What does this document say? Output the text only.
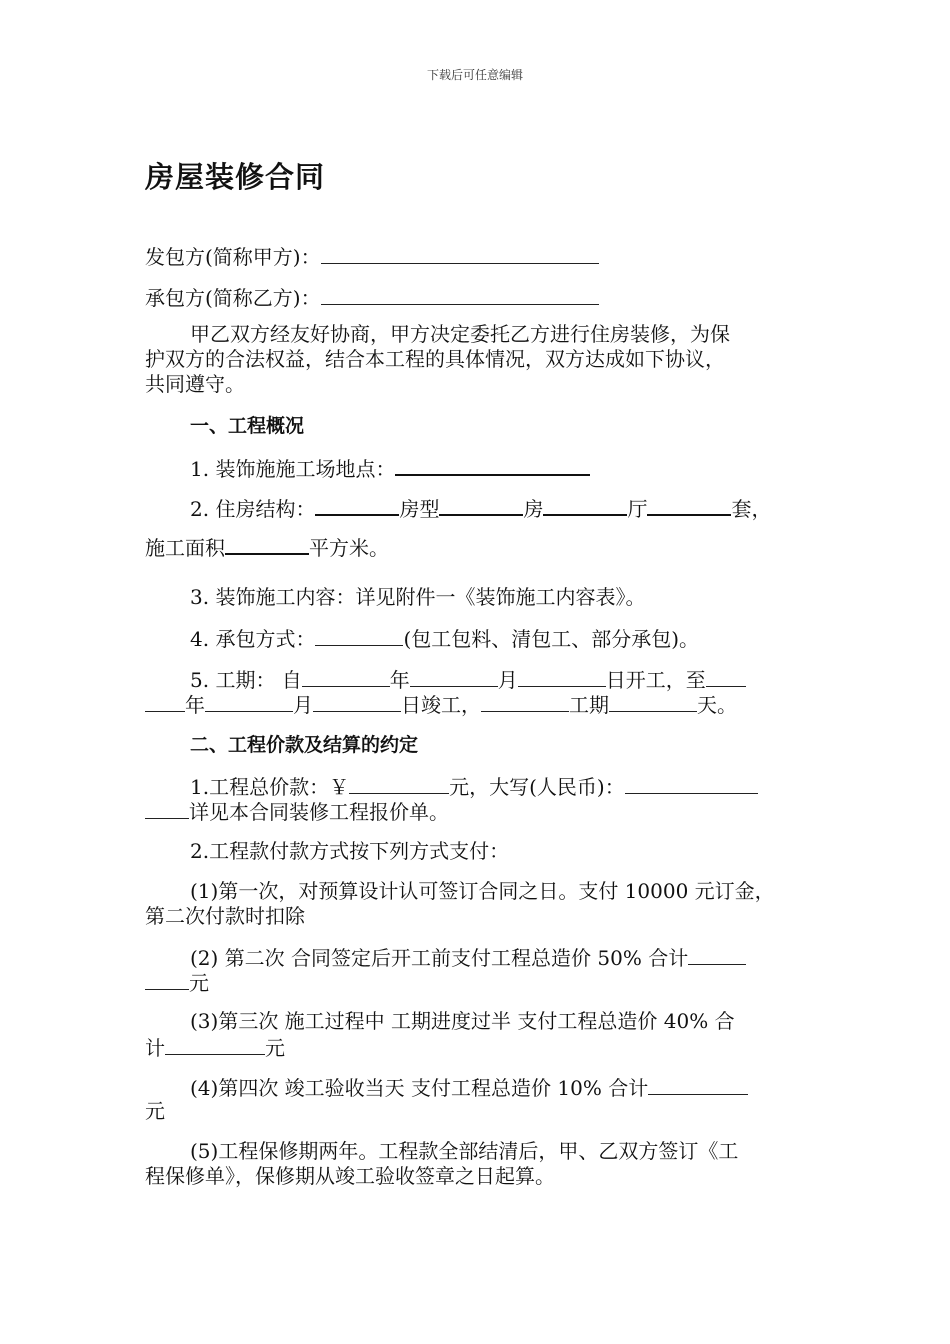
下载后可任意编辑
房屋装修合同
发包方(简称甲方)：
承包方(简称乙方)：
甲乙双方经友好协商，甲方决定委托乙方进行住房装修，为保
护双方的合法权益，结合本工程的具体情况，双方达成如下协议，
共同遵守。
一、工程概况
1. 装饰施施工场地点：
2. 住房结构：	房型	房	厅	套，
施工面积	平方米。
3. 装饰施工内容：详见附件一《装饰施工内容表》。
4. 承包方式：	(包工包料、清包工、部分承包)。
5. 工期： 自	年	月	日开工，至
年	月	日竣工，	工期	天。
二、工程价款及结算的约定
1.工程总价款：￥	元，大写(人民币)：
详见本合同装修工程报价单。
2.工程款付款方式按下列方式支付：
(1)第一次，对预算设计认可签订合同之日。支付 10000 元订金，
第二次付款时扣除
(2) 第二次 合同签定后开工前支付工程总造价 50% 合计
元
(3)第三次 施工过程中 工期进度过半 支付工程总造价 40% 合
计	元
(4)第四次 竣工验收当天 支付工程总造价 10% 合计
元
(5)工程保修期两年。工程款全部结清后，甲、乙双方签订《工
程保修单》，保修期从竣工验收签章之日起算。
